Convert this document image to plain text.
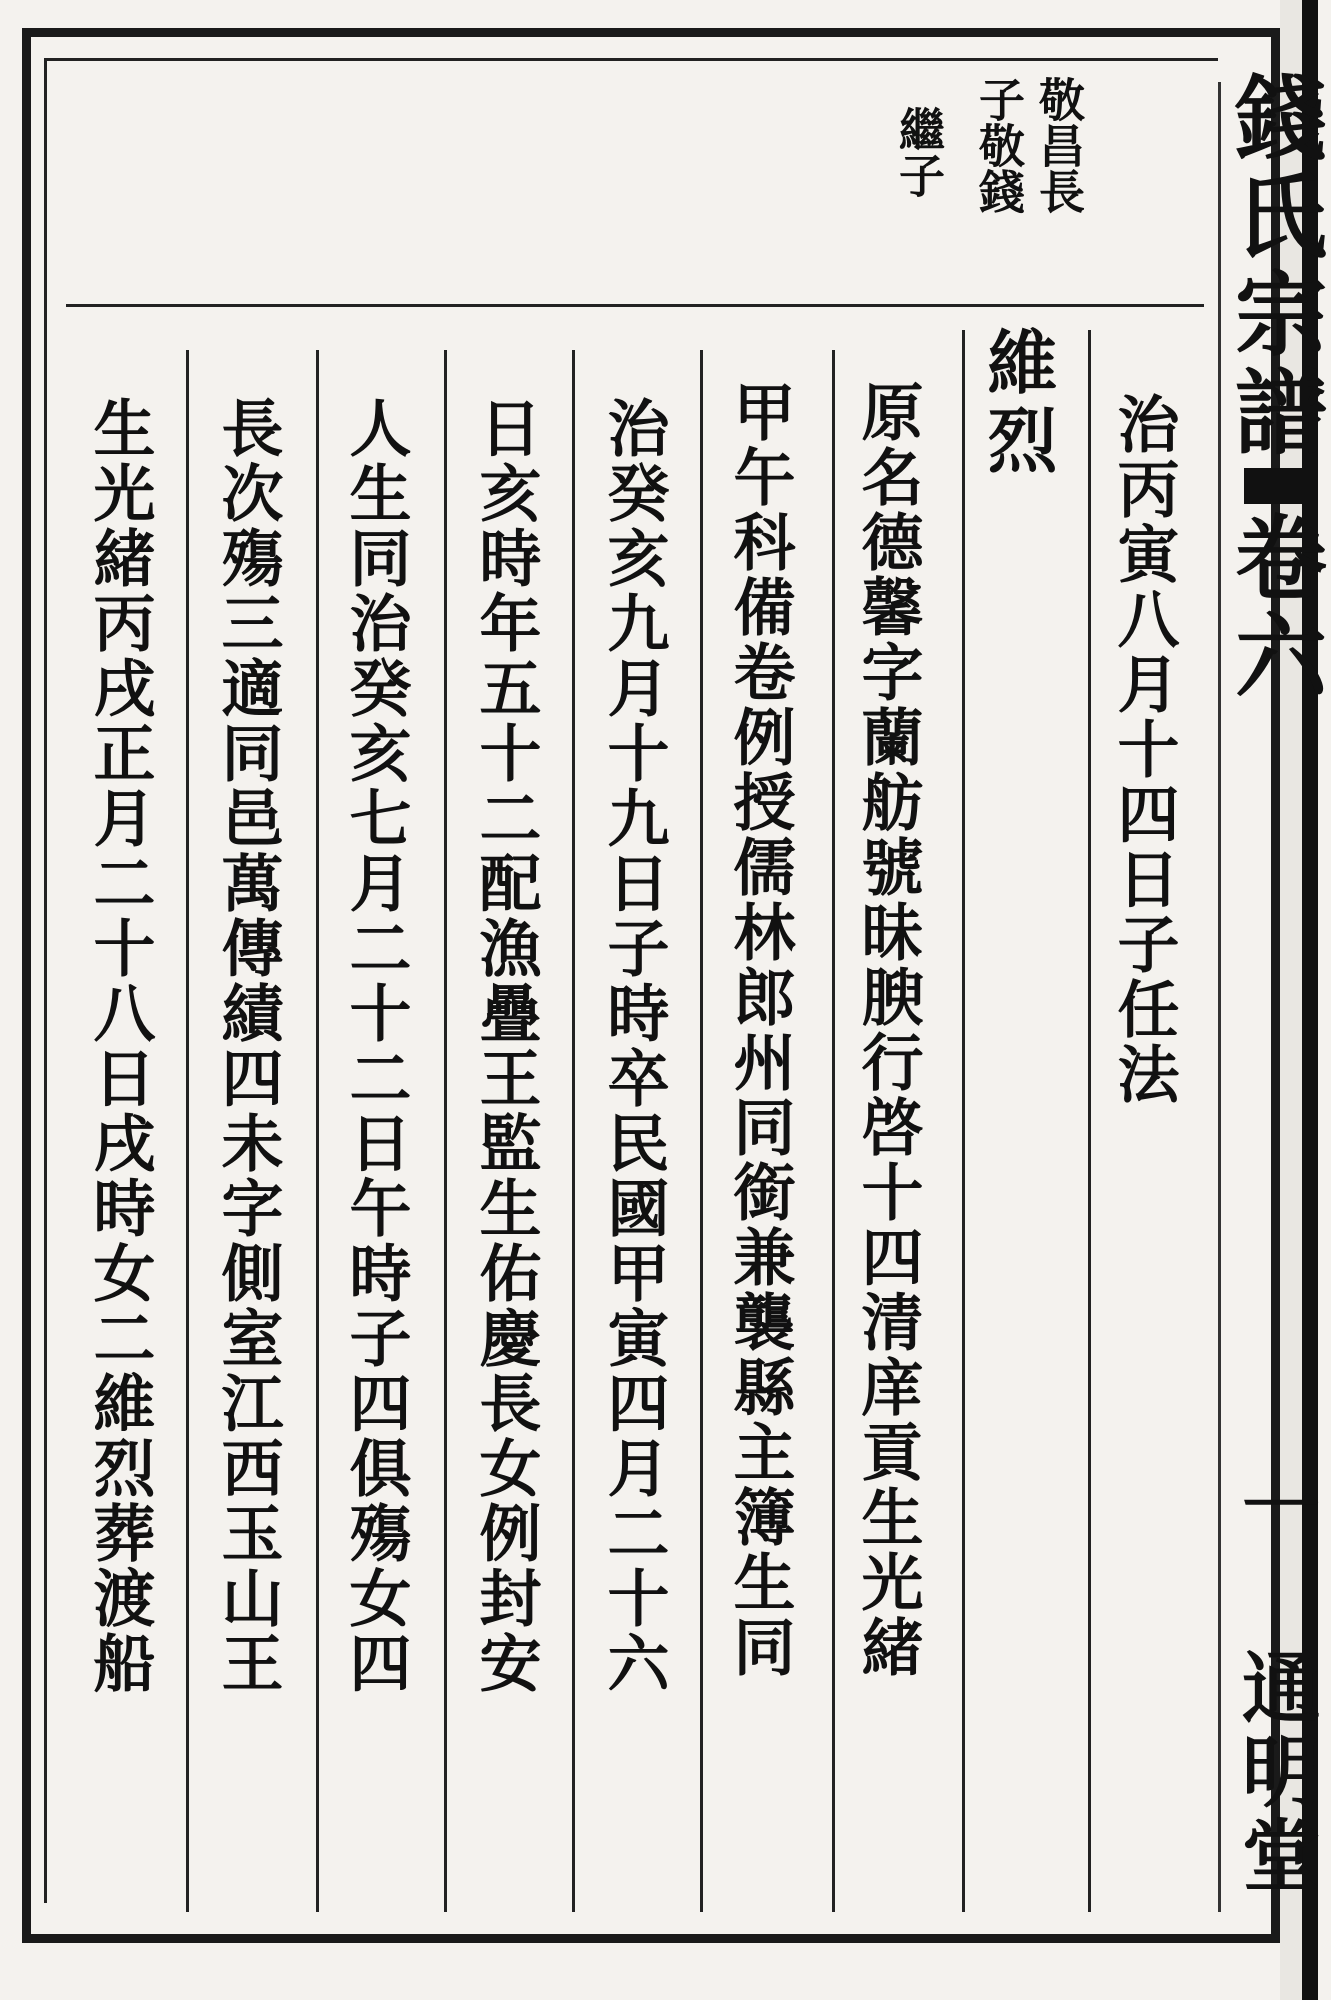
錢氏宗譜卷六一 通明堂
敬昌長
子敬錢
繼子
治丙寅八月十四日子任法
維烈
原名德馨字蘭舫號昧腴行啓十四清庠貢生光緒
甲午科備卷例授儒林郎州同銜兼襲縣主簿生同
治癸亥九月十九日子時卒民國甲寅四月二十六
日亥時年五十二配漁疊王監生佑慶長女例封安
人生同治癸亥七月二十二日午時子四俱殤女四
長次殤三適同邑萬傳績四未字側室江西玉山王
生光緒丙戌正月二十八日戌時女二維烈葬渡船
